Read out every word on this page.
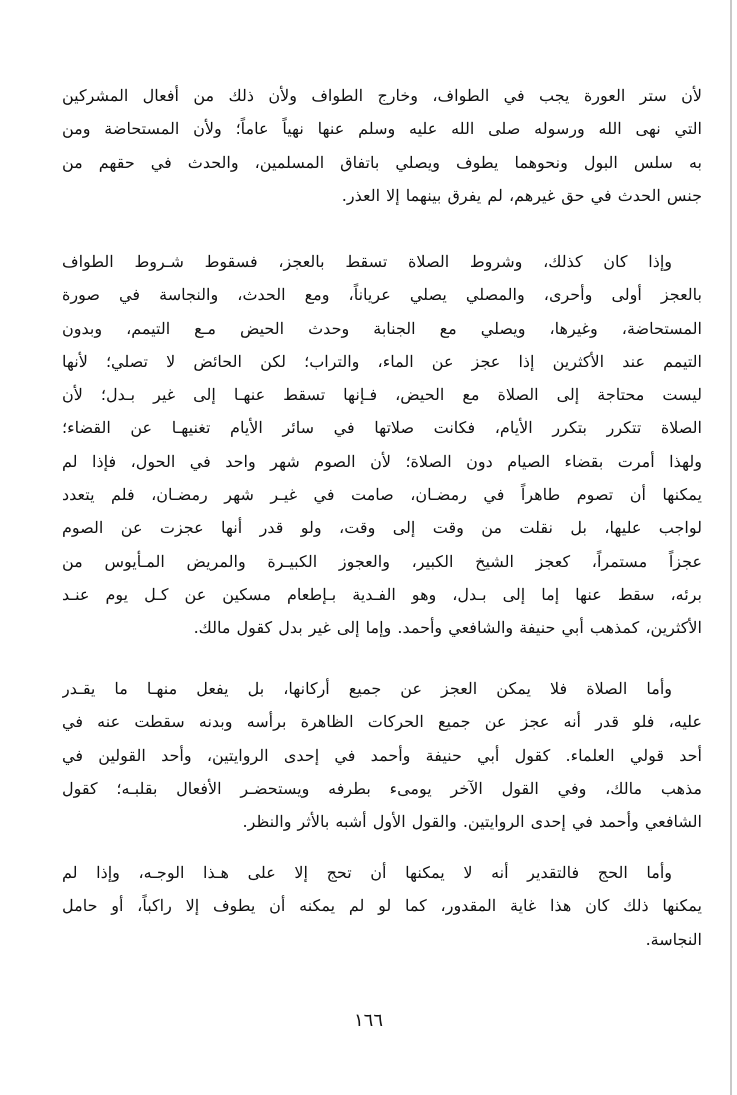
لأن ستر العورة يجب في الطواف، وخارج الطواف ولأن ذلك من أفعال المشركين
التي نهى الله ورسوله صلى الله عليه وسلم عنها نهياً عاماً؛ ولأن المستحاضة ومن
به سلس البول ونحوهما يطوف ويصلي باتفاق المسلمين، والحدث في حقهم من
جنس الحدث في حق غيرهم، لم يفرق بينهما إلا العذر.
وإذا كان كذلك، وشروط الصلاة تسقط بالعجز، فسقوط شـروط الطواف
بالعجز أولى وأحرى، والمصلي يصلي عرياناً، ومع الحدث، والنجاسة في صورة
المستحاضة، وغيرها، ويصلي مع الجنابة وحدث الحيض مـع التيمم، وبدون
التيمم عند الأكثرين إذا عجز عن الماء، والتراب؛ لكن الحائض لا تصلي؛ لأنها
ليست محتاجة إلى الصلاة مع الحيض، فـإنها تسقط عنهـا إلى غير بـدل؛ لأن
الصلاة تتكرر بتكرر الأيام، فكانت صلاتها في سائر الأيام تغنيهـا عن القضاء؛
ولهذا أمرت بقضاء الصيام دون الصلاة؛ لأن الصوم شهر واحد في الحول، فإذا لم
يمكنها أن تصوم طاهراً في رمضـان، صامت في غيـر شهر رمضـان، فلم يتعدد
لواجب عليها، بل نقلت من وقت إلى وقت، ولو قدر أنها عجزت عن الصوم
عجزاً مستمراً، كعجز الشيخ الكبير، والعجوز الكبيـرة والمريض المـأيوس من
برئه، سقط عنها إما إلى بـدل، وهو الفـدية بـإطعام مسكين عن كـل يوم عنـد
الأكثرين، كمذهب أبي حنيفة والشافعي وأحمد. وإما إلى غير بدل كقول مالك.
وأما الصلاة فلا يمكن العجز عن جميع أركانها، بل يفعل منهـا ما يقـدر
عليه، فلو قدر أنه عجز عن جميع الحركات الظاهرة برأسه وبدنه سقطت عنه في
أحد قولي العلماء. كقول أبي حنيفة وأحمد في إحدى الروايتين، وأحد القولين في
مذهب مالك، وفي القول الآخر يومىء بطرفه ويستحضـر الأفعال بقلبـه؛ كقول
الشافعي وأحمد في إحدى الروايتين. والقول الأول أشبه بالأثر والنظر.
وأما الحج فالتقدير أنه لا يمكنها أن تحج إلا على هـذا الوجـه، وإذا لم
يمكنها ذلك كان هذا غاية المقدور، كما لو لم يمكنه أن يطوف إلا راكباً، أو حامل
النجاسة.
١٦٦
